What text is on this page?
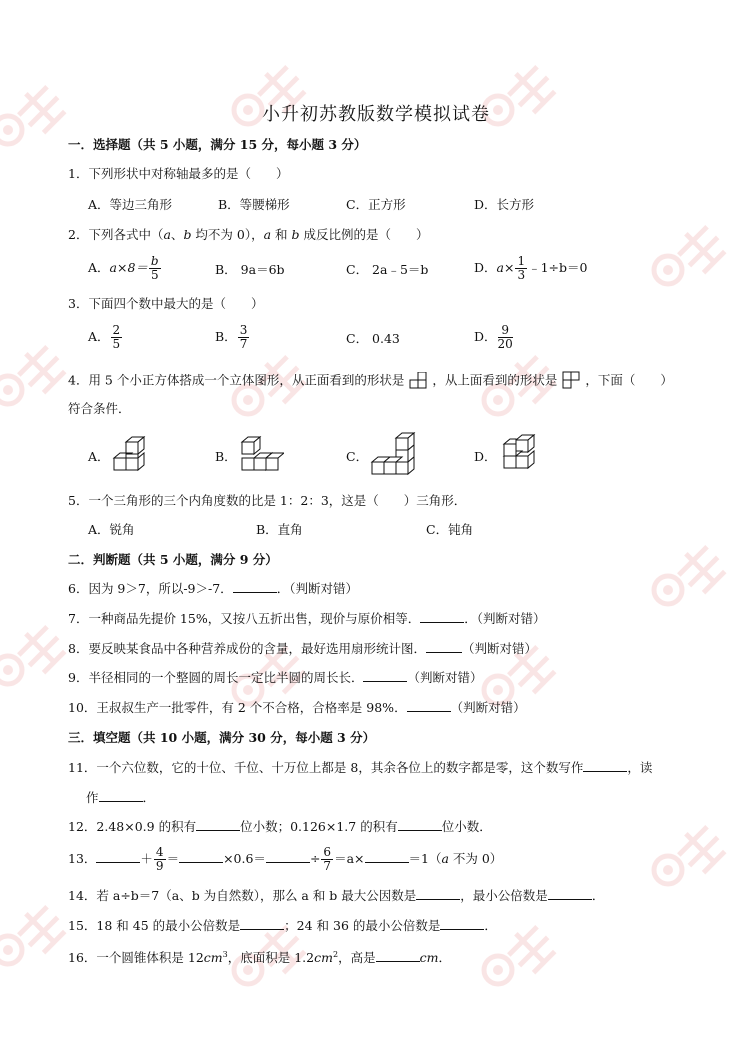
小升初苏教版数学模拟试卷
一．选择题（共 5 小题，满分 15 分，每小题 3 分）
1．下列形状中对称轴最多的是（　　）
A．等边三角形	B．等腰梯形	C．正方形	D．长方形
2．下列各式中（a、b 均不为 0），a 和 b 成反比例的是（　　）
A．$a\times 8= \frac{b}{5}$	B． 9a＝6b	C． 2a﹣5＝b	D．$a\times \frac{1}{3}$ ﹣1÷b＝0
3．下面四个数中最大的是（　　）
A． $\frac{2}{5}$	B． $\frac{3}{7}$	C． 0.43	D． $\frac{9}{20}$
4．用 5 个小正方体搭成一个立体图形，从正面看到的形状是 ，从上面看到的形状是 ，下面（　　）
符合条件．
A．	B．	C．	D．
5．一个三角形的三个内角度数的比是 1：2：3，这是（　　）三角形．
A．锐角	B．直角	C．钝角
二．判断题（共 5 小题，满分 9 分）
6．因为 9＞7，所以-9＞-7．	．（判断对错）
7．一种商品先提价 15%，又按八五折出售，现价与原价相等．	．（判断对错）
8．要反映某食品中各种营养成份的含量，最好选用扇形统计图．	（判断对错）
9．半径相同的一个整圆的周长一定比半圆的周长长．	（判断对错）
10．王叔叔生产一批零件，有 2 个不合格，合格率是 98%．	（判断对错）
三．填空题（共 10 小题，满分 30 分，每小题 3 分）
11．一个六位数，它的十位、千位、十万位上都是 8，其余各位上的数字都是零，这个数写作	，读
作	．
12．2.48×0.9 的积有	位小数；0.126×1.7 的积有	位小数．
13．	＋ $\frac{4}{9}$ ＝	×0.6＝	÷ $\frac{6}{7} =a\times$	＝1（a 不为 0）
14．若 a÷b＝7（a、b 为自然数），那么 a 和 b 最大公因数是	，最小公倍数是	．
15．18 和 45 的最小公倍数是	；24 和 36 的最小公倍数是	．
16．一个圆锥体积是 $12cm^3$，底面积是 $1.2cm^2$，高是	cm．
